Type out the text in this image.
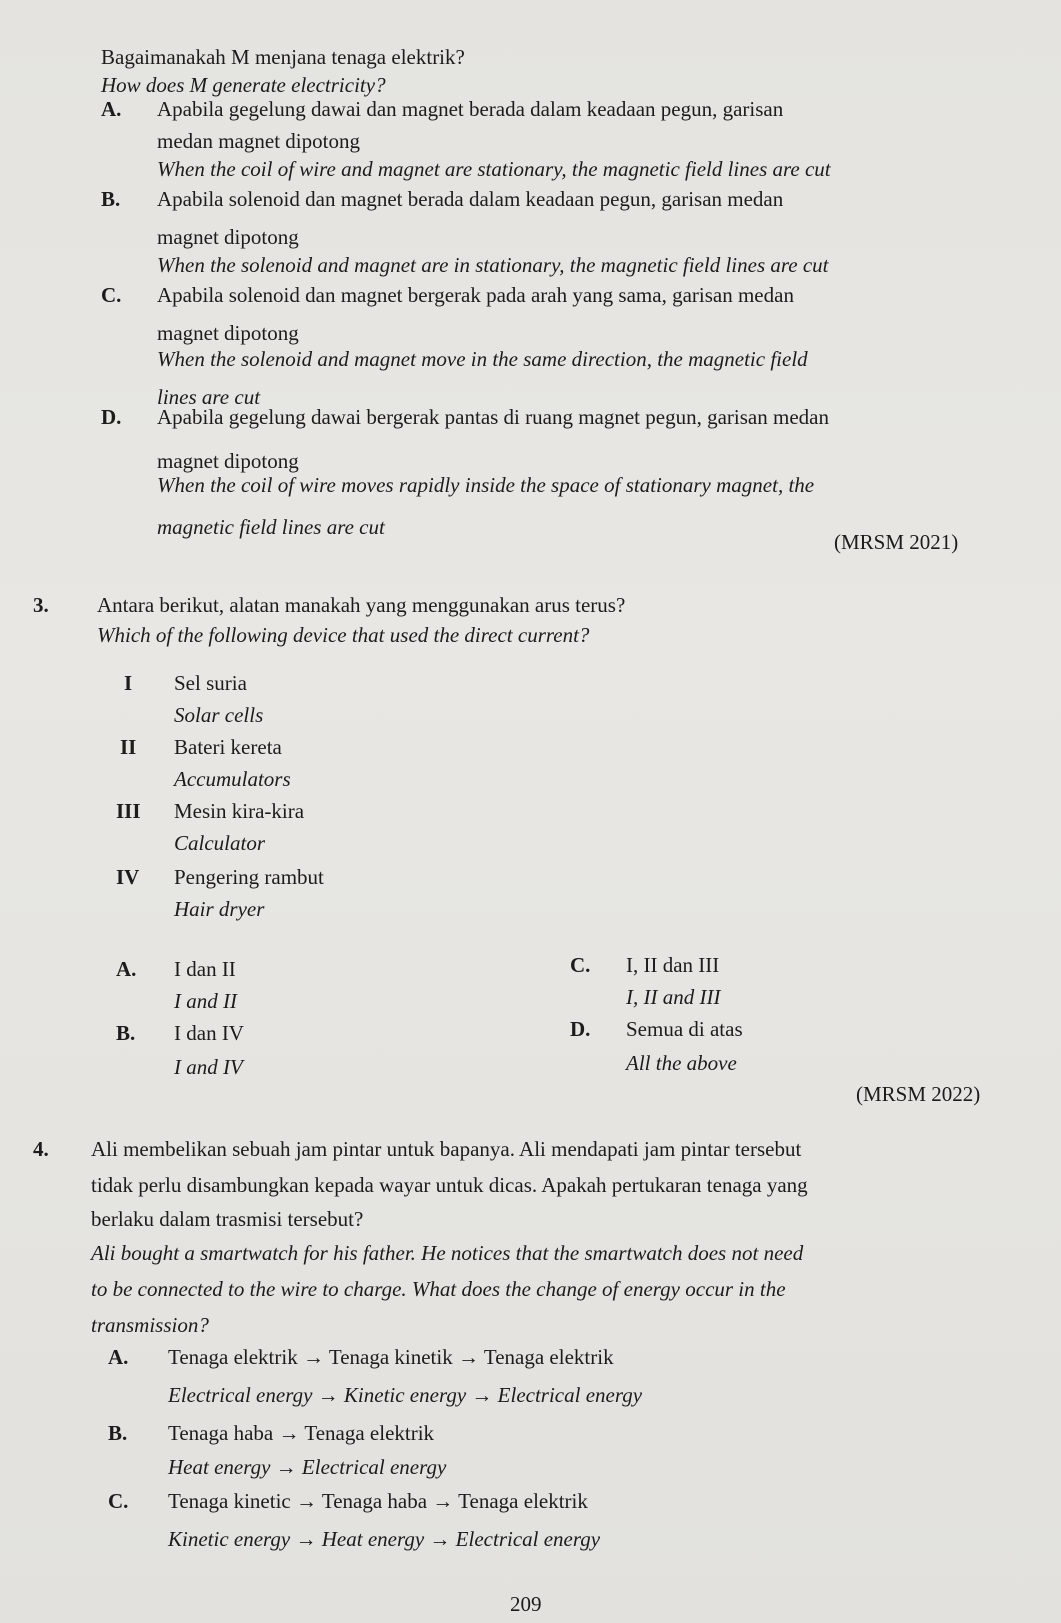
Bagaimanakah M menjana tenaga elektrik?
How does M generate electricity?
A. Apabila gegelung dawai dan magnet berada dalam keadaan pegun, garisan
medan magnet dipotong
When the coil of wire and magnet are stationary, the magnetic field lines are cut
B. Apabila solenoid dan magnet berada dalam keadaan pegun, garisan medan
magnet dipotong
When the solenoid and magnet are in stationary, the magnetic field lines are cut
C. Apabila solenoid dan magnet bergerak pada arah yang sama, garisan medan
magnet dipotong
When the solenoid and magnet move in the same direction, the magnetic field
lines are cut
D. Apabila gegelung dawai bergerak pantas di ruang magnet pegun, garisan medan
magnet dipotong
When the coil of wire moves rapidly inside the space of stationary magnet, the
magnetic field lines are cut
(MRSM 2021)
3. Antara berikut, alatan manakah yang menggunakan arus terus?
Which of the following device that used the direct current?
I Sel suria
Solar cells
II Bateri kereta
Accumulators
III Mesin kira-kira
Calculator
IV Pengering rambut
Hair dryer
A. I dan II
I and II
B. I dan IV
I and IV
C. I, II dan III
I, II and III
D. Semua di atas
All the above
(MRSM 2022)
4. Ali membelikan sebuah jam pintar untuk bapanya. Ali mendapati jam pintar tersebut
tidak perlu disambungkan kepada wayar untuk dicas. Apakah pertukaran tenaga yang
berlaku dalam trasmisi tersebut?
Ali bought a smartwatch for his father. He notices that the smartwatch does not need
to be connected to the wire to charge. What does the change of energy occur in the
transmission?
A. Tenaga elektrik → Tenaga kinetik → Tenaga elektrik
Electrical energy → Kinetic energy → Electrical energy
B. Tenaga haba → Tenaga elektrik
Heat energy → Electrical energy
C. Tenaga kinetic → Tenaga haba → Tenaga elektrik
Kinetic energy → Heat energy → Electrical energy
209
